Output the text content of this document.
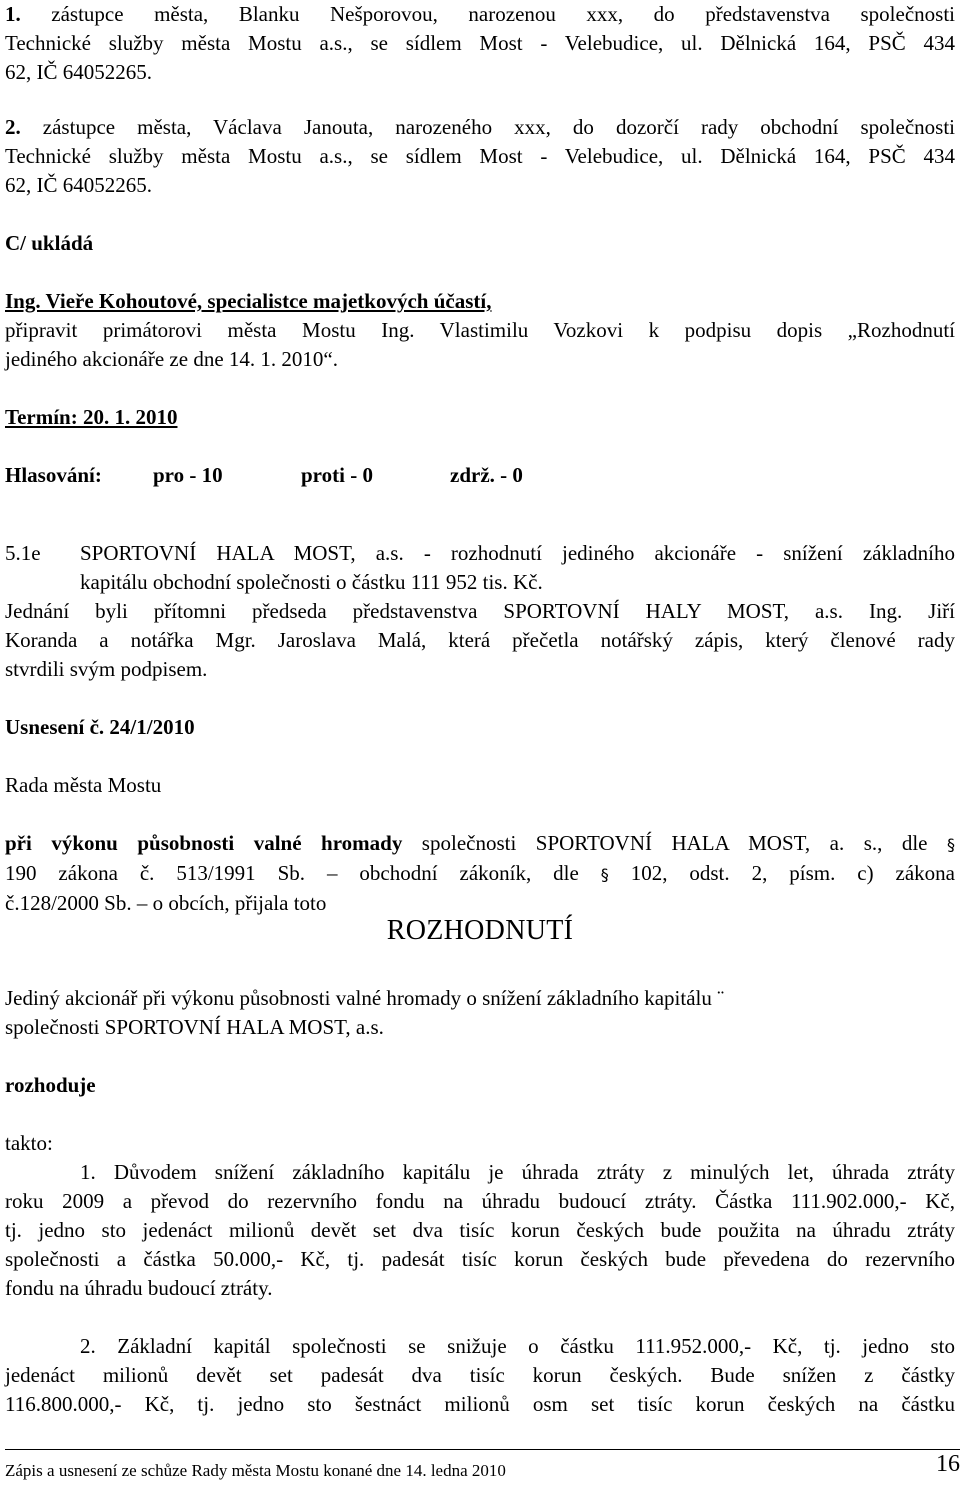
1. zástupce města, Blanku Nešporovou, narozenou xxx, do představenstva společnosti
Technické služby města Mostu a.s., se sídlem Most - Velebudice, ul. Dělnická 164, PSČ 434
62, IČ 64052265.
2. zástupce města, Václava Janouta, narozeného xxx, do dozorčí rady obchodní společnosti
Technické služby města Mostu a.s., se sídlem Most - Velebudice, ul. Dělnická 164, PSČ 434
62, IČ 64052265.
C/ ukládá
Ing. Vieře Kohoutové, specialistce majetkových účastí,
připravit primátorovi města Mostu Ing. Vlastimilu Vozkovi k podpisu dopis „Rozhodnutí
jediného akcionáře ze dne 14. 1. 2010“.
Termín: 20. 1. 2010
Hlasování: pro - 10	proti - 0	zdrž. - 0
5.1e	SPORTOVNÍ HALA MOST, a.s. - rozhodnutí jediného akcionáře - snížení základního
kapitálu obchodní společnosti o částku 111 952 tis. Kč.
Jednání byli přítomni předseda představenstva SPORTOVNÍ HALY MOST, a.s. Ing. Jiří
Koranda a notářka Mgr. Jaroslava Malá, která přečetla notářský zápis, který členové rady
stvrdili svým podpisem.
Usnesení č. 24/1/2010
Rada města Mostu
při výkonu působnosti valné hromady společnosti SPORTOVNÍ HALA MOST, a. s., dle §
190 zákona č. 513/1991 Sb. – obchodní zákoník, dle § 102, odst. 2, písm. c) zákona
č.128/2000 Sb. – o obcích, přijala toto
ROZHODNUTÍ
Jediný akcionář při výkonu působnosti valné hromady o snížení základního kapitálu ¨
společnosti SPORTOVNÍ HALA MOST, a.s.
rozhoduje
takto:
1. Důvodem snížení základního kapitálu je úhrada ztráty z minulých let, úhrada ztráty
roku 2009 a převod do rezervního fondu na úhradu budoucí ztráty. Částka 111.902.000,- Kč,
tj. jedno sto jedenáct milionů devět set dva tisíc korun českých bude použita na úhradu ztráty
společnosti a částka 50.000,- Kč, tj. padesát tisíc korun českých bude převedena do rezervního
fondu na úhradu budoucí ztráty.
2. Základní kapitál společnosti se snižuje o částku 111.952.000,- Kč, tj. jedno sto
jedenáct milionů devět set padesát dva tisíc korun českých. Bude snížen z částky
116.800.000,- Kč, tj. jedno sto šestnáct milionů osm set tisíc korun českých na částku
Zápis a usnesení ze schůze Rady města Mostu konané dne 14. ledna 2010	16
